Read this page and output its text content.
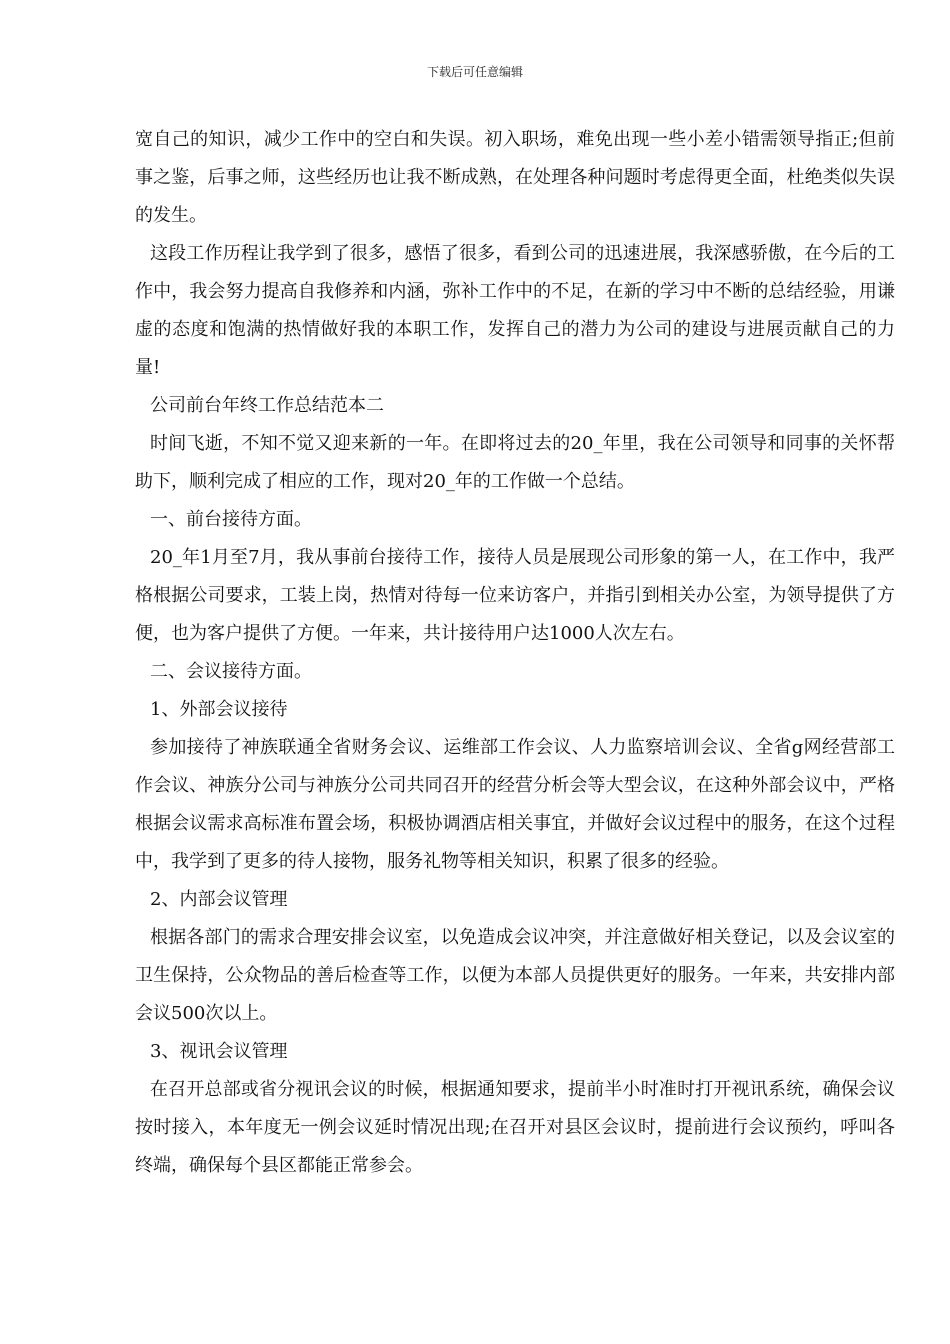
下载后可任意编辑

宽自己的知识，减少工作中的空白和失误。初入职场，难免出现一些小差小错需领导指正;但前事之鉴，后事之师，这些经历也让我不断成熟，在处理各种问题时考虑得更全面，杜绝类似失误的发生。

这段工作历程让我学到了很多，感悟了很多，看到公司的迅速进展，我深感骄傲，在今后的工作中，我会努力提高自我修养和内涵，弥补工作中的不足，在新的学习中不断的总结经验，用谦虚的态度和饱满的热情做好我的本职工作，发挥自己的潜力为公司的建设与进展贡献自己的力量!

公司前台年终工作总结范本二

时间飞逝，不知不觉又迎来新的一年。在即将过去的20_年里，我在公司领导和同事的关怀帮助下，顺利完成了相应的工作，现对20_年的工作做一个总结。

一、前台接待方面。

20_年1月至7月，我从事前台接待工作，接待人员是展现公司形象的第一人，在工作中，我严格根据公司要求，工装上岗，热情对待每一位来访客户，并指引到相关办公室，为领导提供了方便，也为客户提供了方便。一年来，共计接待用户达1000人次左右。

二、会议接待方面。

1、外部会议接待

参加接待了神族联通全省财务会议、运维部工作会议、人力监察培训会议、全省g网经营部工作会议、神族分公司与神族分公司共同召开的经营分析会等大型会议，在这种外部会议中，严格根据会议需求高标准布置会场，积极协调酒店相关事宜，并做好会议过程中的服务，在这个过程中，我学到了更多的待人接物，服务礼物等相关知识，积累了很多的经验。

2、内部会议管理

根据各部门的需求合理安排会议室，以免造成会议冲突，并注意做好相关登记，以及会议室的卫生保持，公众物品的善后检查等工作，以便为本部人员提供更好的服务。一年来，共安排内部会议500次以上。

3、视讯会议管理

在召开总部或省分视讯会议的时候，根据通知要求，提前半小时准时打开视讯系统，确保会议按时接入，本年度无一例会议延时情况出现;在召开对县区会议时，提前进行会议预约，呼叫各终端，确保每个县区都能正常参会。
